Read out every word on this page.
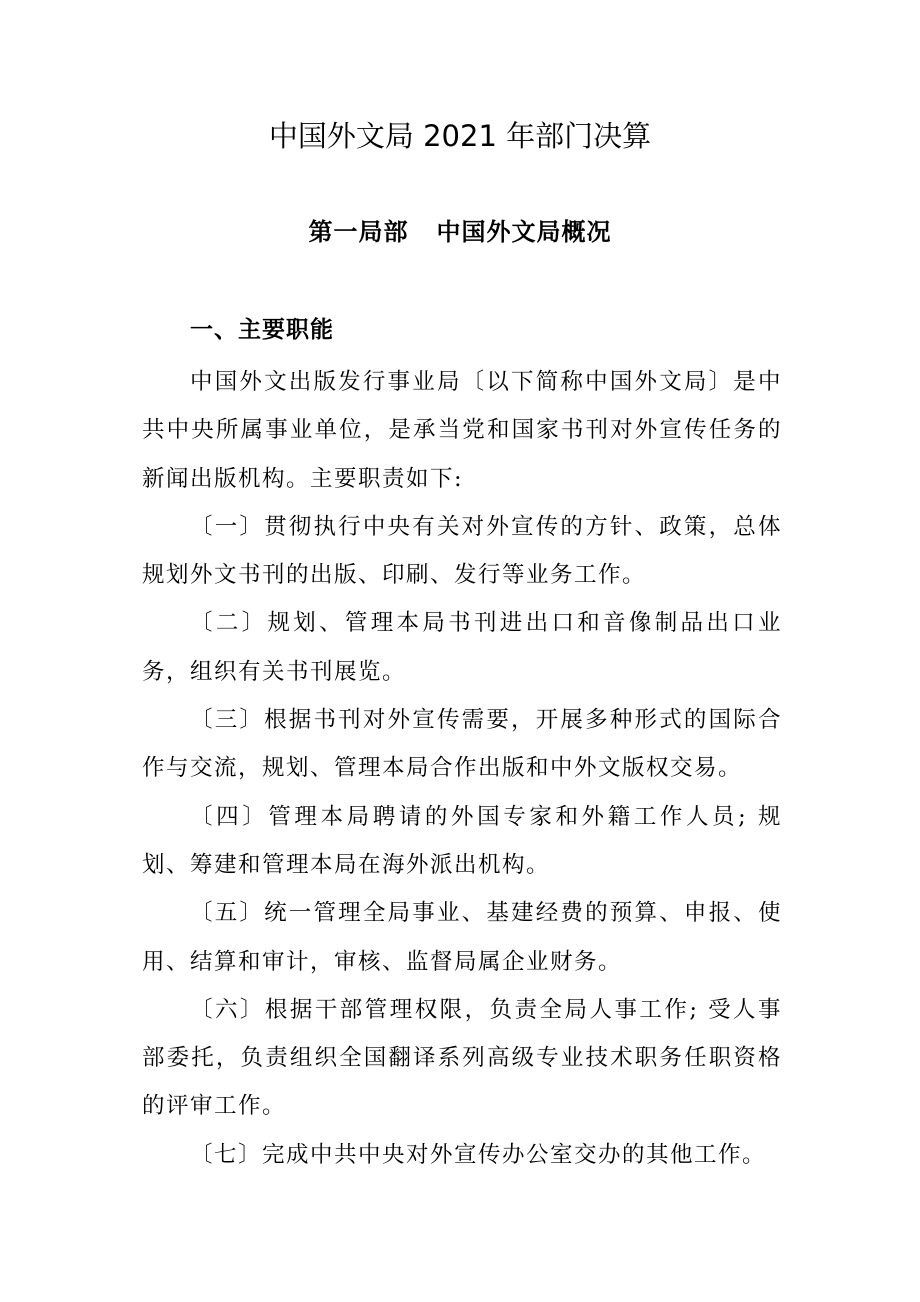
中国外文局 2021 年部门决算
第一局部 中国外文局概况
一、主要职能

中国外文出版发行事业局〔以下简称中国外文局〕是中共中央所属事业单位，是承当党和国家书刊对外宣传任务的新闻出版机构。主要职责如下:

〔一〕贯彻执行中央有关对外宣传的方针、政策，总体规划外文书刊的出版、印刷、发行等业务工作。

〔二〕规划、管理本局书刊进出口和音像制品出口业务，组织有关书刊展览。

〔三〕根据书刊对外宣传需要，开展多种形式的国际合作与交流，规划、管理本局合作出版和中外文版权交易。

〔四〕管理本局聘请的外国专家和外籍工作人员; 规划、筹建和管理本局在海外派出机构。

〔五〕统一管理全局事业、基建经费的预算、申报、使用、结算和审计，审核、监督局属企业财务。

〔六〕根据干部管理权限，负责全局人事工作; 受人事部委托，负责组织全国翻译系列高级专业技术职务任职资格的评审工作。

〔七〕完成中共中央对外宣传办公室交办的其他工作。
